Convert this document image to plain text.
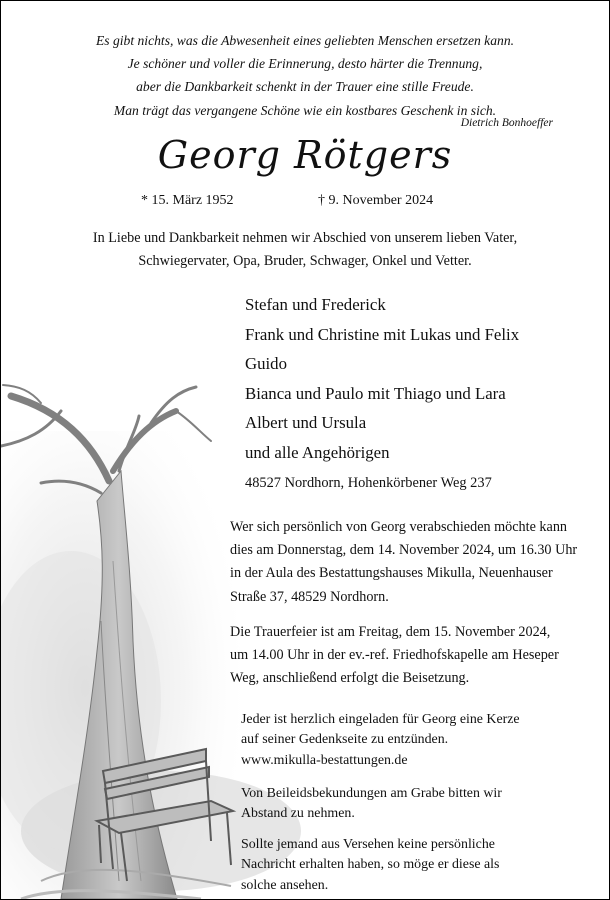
Es gibt nichts, was die Abwesenheit eines geliebten Menschen ersetzen kann.

Je schöner und voller die Erinnerung, desto härter die Trennung,

aber die Dankbarkeit schenkt in der Trauer eine stille Freude.

Man trägt das vergangene Schöne wie ein kostbares Geschenk in sich.

Dietrich Bonhoeffer
Georg Rötgers
* 15. März 1952	† 9. November 2024

In Liebe und Dankbarkeit nehmen wir Abschied von unserem lieben Vater,

Schwiegervater, Opa, Bruder, Schwager, Onkel und Vetter.

Stefan und Frederick
Frank und Christine mit Lukas und Felix
Guido
Bianca und Paulo mit Thiago und Lara
Albert und Ursula
und alle Angehörigen
48527 Nordhorn, Hohenkörbener Weg 237

Wer sich persönlich von Georg verabschieden möchte kann

dies am Donnerstag, dem 14. November 2024, um 16.30 Uhr

in der Aula des Bestattungshauses Mikulla, Neuenhauser

Straße 37, 48529 Nordhorn.

Die Trauerfeier ist am Freitag, dem 15. November 2024,

um 14.00 Uhr in der ev.-ref. Friedhofskapelle am Heseper

Weg, anschließend erfolgt die Beisetzung.

Jeder ist herzlich eingeladen für Georg eine Kerze

auf seiner Gedenkseite zu entzünden.

www.mikulla-bestattungen.de

Von Beileidsbekundungen am Grabe bitten wir

Abstand zu nehmen.

Sollte jemand aus Versehen keine persönliche

Nachricht erhalten haben, so möge er diese als

solche ansehen.
